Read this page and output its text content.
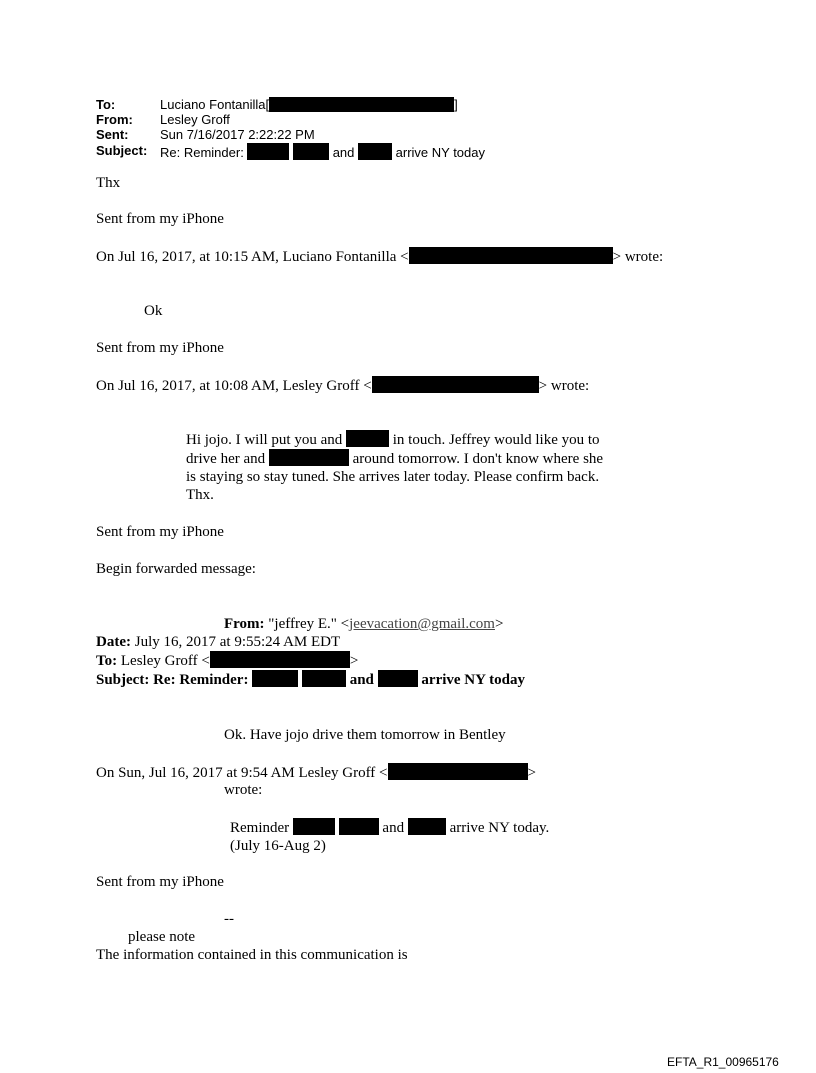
To:	Luciano Fontanilla[	]
From: Lesley Groff
Sent: Sun 7/16/2017 2:22:22 PM
Subject: Re: Reminder:	and	arrive NY today
Thx
Sent from my iPhone
On Jul 16, 2017, at 10:15 AM, Luciano Fontanilla <	> wrote:
Ok
Sent from my iPhone
On Jul 16, 2017, at 10:08 AM, Lesley Groff <	> wrote:
Hi jojo. I will put you and	in touch. Jeffrey would like you to
drive her and	around tomorrow. I don't know where she
is staying so stay tuned. She arrives later today. Please confirm back.
Thx.
Sent from my iPhone
Begin forwarded message:
From: "jeffrey E." <jeevacation@gmail.com>
Date: July 16, 2017 at 9:55:24 AM EDT
To: Lesley Groff <	>
Subject: Re: Reminder:	and	arrive NY today
Ok. Have jojo drive them tomorrow in Bentley
On Sun, Jul 16, 2017 at 9:54 AM Lesley Groff <	>
wrote:
Reminder	and	arrive NY today.
(July 16-Aug 2)
Sent from my iPhone
--
please note
The information contained in this communication is
EFTA_R1_00965176
